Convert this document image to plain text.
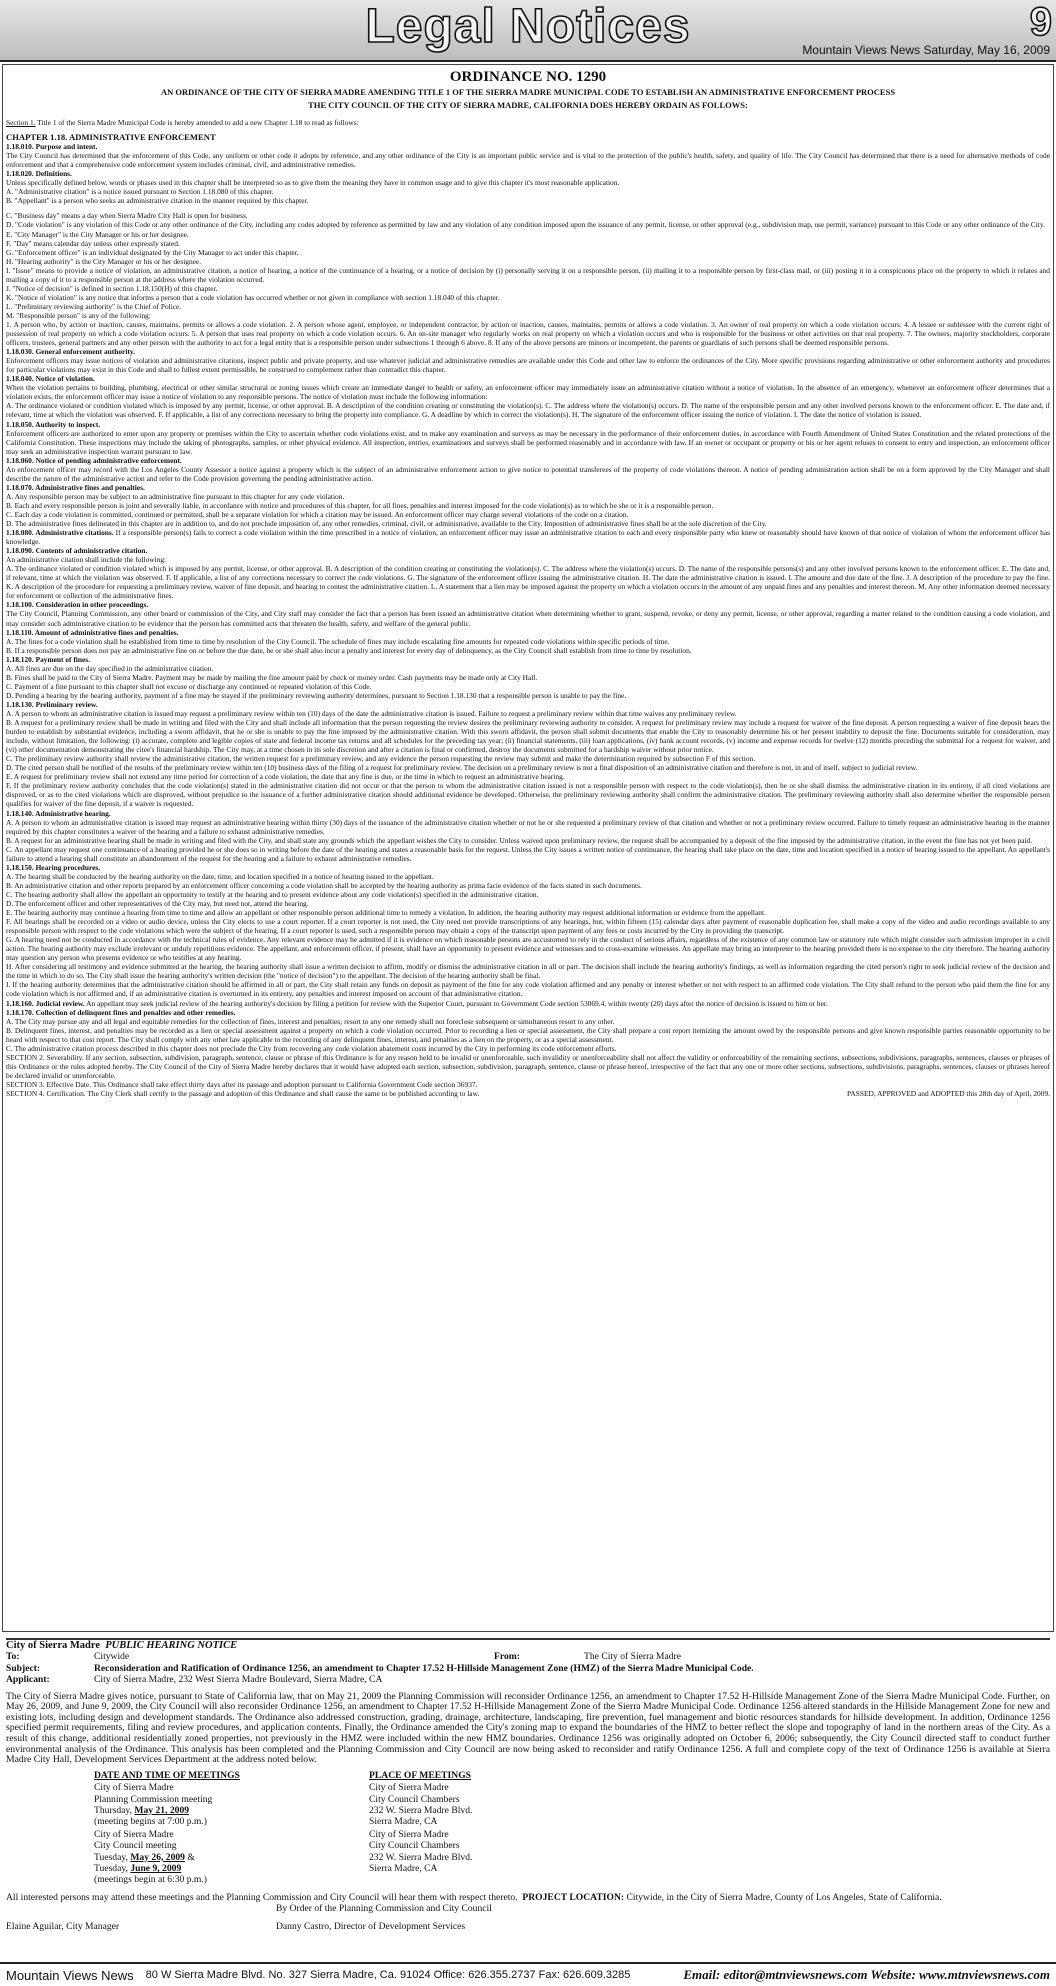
Legal Notices	9
Mountain Views News Saturday, May 16, 2009
ORDINANCE NO. 1290
AN ORDINANCE OF THE CITY OF SIERRA MADRE AMENDING TITLE 1 OF THE SIERRA MADRE MUNICIPAL CODE TO ESTABLISH AN ADMINISTRATIVE ENFORCEMENT PROCESS
THE CITY COUNCIL OF THE CITY OF SIERRA MADRE, CALIFORNIA DOES HEREBY ORDAIN AS FOLLOWS:

Section 1. Title 1 of the Sierra Madre Municipal Code is hereby amended to add a new Chapter 1.18 to read as follows:

CHAPTER 1.18. ADMINISTRATIVE ENFORCEMENT

1.18.010. Purpose and intent.

The City Council has determined that the enforcement of this Code, any uniform or other code it adopts by reference, and any other ordinance of the City is an important public service and is vital to the protection of the public's health, safety, and quality of life. The City Council has determined that there is a need for alternative methods of code enforcement and that a comprehensive code enforcement system includes criminal, civil, and administrative remedies.

1.18.020. Definitions.

Unless specifically defined below, words or phases used in this chapter shall be interpreted so as to give them the meaning they have in common usage and to give this chapter it's most reasonable application.

A. "Administrative citation" is a notice issued pursuant to Section 1.18.080 of this chapter.

B. "Appellant" is a person who seeks an administrative citation in the manner required by this chapter.

C. "Business day" means a day when Sierra Madre City Hall is open for business.

D. "Code violation" is any violation of this Code or any other ordinance of the City, including any codes adopted by reference as permitted by law and any violation of any condition imposed upon the issuance of any permit, license, or other approval (e.g., subdivision map, use permit, variance) pursuant to this Code or any other ordinance of the City.

E. "City Manager" is the City Manager or his or her designee.

F. "Day" means calendar day unless other expressly stated.

G. "Enforcement officer" is an individual designated by the City Manager to act under this chapter.

H. "Hearing authority" is the City Manager or his or her designee.

I. "Issue" means to provide a notice of violation, an administrative citation, a notice of hearing, a notice of the continuance of a hearing, or a notice of decision by (i) personally serving it on a responsible person, (ii) mailing it to a responsible person by first-class mail, or (iii) posting it in a conspicuous place on the property to which it relates and mailing a copy of it to a responsible person at the address where the violation occurred.

J. "Notice of decision" is defined in section 1.18.150(H) of this chapter.

K. "Notice of violation" is any notice that informs a person that a code violation has occurred whether or not given in compliance with section 1.18.040 of this chapter.

L. "Preliminary reviewing authority" is the Chief of Police.

M. "Responsible person" is any of the following:

1. A person who, by action or inaction, causes, maintains, permits or allows a code violation. 2. A person whose agent, employee, or independent contractor, by action or inaction, causes, maintains, permits or allows a code violation. 3. An owner of real property on which a code violation occurs. 4. A lessee or sublessee with the current right of possession of real property on which a code violation occurs. 5. A person that uses real property on which a code violation occurs. 6. An on-site manager who regularly works on real property on which a violation occurs and who is responsible for the business or other activities on that real property. 7. The owners, majority stockholders, corporate officers, trustees, general partners and any other person with the authority to act for a legal entity that is a responsible person under subsections 1 through 6 above. 8. If any of the above persons are minors or incompetent, the parents or guardians of such persons shall be deemed responsible persons.

1.18.030. General enforcement authority.

Enforcement officers may issue notices of violation and administrative citations, inspect public and private property, and use whatever judicial and administrative remedies are available under this Code and other law to enforce the ordinances of the City. More specific provisions regarding administrative or other enforcement authority and procedures for particular violations may exist in this Code and shall to fullest extent permissible, be construed to complement rather than contradict this chapter.

1.18.040. Notice of violation.

When the violation pertains to building, plumbing, electrical or other similar structural or zoning issues which create an immediate danger to health or safety, an enforcement officer may immediately issue an administrative citation without a notice of violation. In the absence of an emergency, whenever an enforcement officer determines that a violation exists, the enforcement officer may issue a notice of violation to any responsible persons. The notice of violation must include the following information:

A. The ordinance violated or condition violated which is imposed by any permit, license, or other approval. B. A description of the condition creating or constituting the violation(s). C. The address where the violation(s) occurs. D. The name of the responsible person and any other involved persons known to the enforcement officer. E. The date and, if relevant, time at which the violation was observed. F. If applicable, a list of any corrections necessary to bring the property into compliance. G. A deadline by which to correct the violation(s). H. The signature of the enforcement officer issuing the notice of violation. I. The date the notice of violation is issued.

1.18.050. Authority to inspect.

Enforcement officers are authorized to enter upon any property or premises within the City to ascertain whether code violations exist, and to make any examination and surveys as may be necessary in the performance of their enforcement duties, in accordance with Fourth Amendment of United States Constitution and the related protections of the California Constitution. These inspections may include the taking of photographs, samples, or other physical evidence. All inspection, entries, examinations and surveys shall be performed reasonably and in accordance with law. If an owner or occupant or property or his or her agent refuses to consent to entry and inspection, an enforcement officer may seek an administrative inspection warrant pursuant to law.

1.18.060. Notice of pending administrative enforcement.

An enforcement officer may record with the Los Angeles County Assessor a notice against a property which is the subject of an administrative enforcement action to give notice to potential transferees of the property of code violations thereon. A notice of pending administration action shall be on a form approved by the City Manager and shall describe the nature of the administrative action and refer to the Code provision governing the pending administrative action.

1.18.070. Administrative fines and penalties.

A. Any responsible person may be subject to an administrative fine pursuant to this chapter for any code violation.

B. Each and every responsible person is joint and severally liable, in accordance with notice and procedures of this chapter, for all fines, penalties and interest imposed for the code violation(s) as to which he she or it is a responsible person.

C. Each day a code violation is committed, continued or permitted, shall be a separate violation for which a citation may be issued. An enforcement officer may charge several violations of the code on a citation.

D. The administrative fines delineated in this chapter are in addition to, and do not preclude imposition of, any other remedies, criminal, civil, or administrative, available to the City. Imposition of administrative fines shall be at the sole discretion of the City.

1.18.080. Administrative citations. If a responsible person(s) fails to correct a code violation within the time prescribed in a notice of violation, an enforcement officer may issue an administrative citation to each and every responsible party who knew or reasonably should have known of that notice of violation of whom the enforcement officer has knowledge.

1.18.090. Contents of administrative citation.

An administrative citation shall include the following:

A. The ordinance violated or condition violated which is imposed by any permit, license, or other approval. B. A description of the condition creating or constituting the violation(s). C. The address where the violation(s) occurs. D. The name of the responsible persons(s) and any other involved persons known to the enforcement officer. E. The date and, if relevant, time at which the violation was observed. F. If applicable, a list of any corrections necessary to correct the code violations. G. The signature of the enforcement officer issuing the administrative citation. H. The date the administrative citation is issued. I. The amount and due date of the fine. J. A description of the procedure to pay the fine. K. A description of the procedure for requesting a preliminary review, waiver of fine deposit, and hearing to contest the administrative citation. L. A statement that a lien may be imposed against the property on which a violation occurs in the amount of any unpaid fines and any penalties and interest thereon. M. Any other information deemed necessary for enforcement or collection of the administrative fines.

1.18.100. Consideration in other proceedings.

The City Council, Planning Commission, any other board or commission of the City, and City staff may consider the fact that a person has been issued an administrative citation when determining whether to grant, suspend, revoke, or deny any permit, license, or other approval, regarding a matter related to the condition causing a code violation, and may consider such administrative citation to be evidence that the person has committed acts that threaten the health, safety, and welfare of the general public.

1.18.110. Amount of administrative fines and penalties.

A. The fines for a code violation shall be established from time to time by resolution of the City Council. The schedule of fines may include escalating fine amounts for repeated code violations within specific periods of time.

B. If a responsible person does not pay an administrative fine on or before the due date, he or she shall also incur a penalty and interest for every day of delinquency, as the City Council shall establish from time to time by resolution.

1.18.120. Payment of fines.

A. All fines are due on the day specified in the administrative citation.

B. Fines shall be paid to the City of Sierra Madre. Payment may be made by mailing the fine amount paid by check or money order. Cash payments may be made only at City Hall.

C. Payment of a fine pursuant to this chapter shall not excuse or discharge any continued or repeated violation of this Code.

D. Pending a hearing by the hearing authority, payment of a fine may be stayed if the preliminary reviewing authority determines, pursuant to Section 1.18.130 that a responsible person is unable to pay the fine.

1.18.130. Preliminary review.

A. A person to whom an administrative citation is issued may request a preliminary review within ten (10) days of the date the administrative citation is issued. Failure to request a preliminary review within that time waives any preliminary review.

B. A request for a preliminary review shall be made in writing and filed with the City and shall include all information that the person requesting the review desires the preliminary reviewing authority to consider. A request for preliminary review may include a request for waiver of the fine deposit. A person requesting a waiver of fine deposit bears the burden to establish by substantial evidence, including a sworn affidavit, that he or she is unable to pay the fine imposed by the administrative citation. With this sworn affidavit, the person shall submit documents that enable the City to reasonably determine his or her present inability to deposit the fine. Documents suitable for consideration, may include, without limitation, the following: (i) accurate, complete and legible copies of state and federal income tax returns and all schedules for the preceding tax year; (ii) financial statements, (iii) loan applications, (iv) bank account records, (v) income and expense records for twelve (12) months preceding the submittal for a request for waiver, and (vi) other documentation demonstrating the citee's financial hardship. The City may, at a time chosen in its sole discretion and after a citation is final or confirmed, destroy the documents submitted for a hardship waiver without prior notice.

C. The preliminary review authority shall review the administrative citation, the written request for a preliminary review, and any evidence the person requesting the review may submit and make the determination required by subsection F of this section.

D. The cited person shall be notified of the results of the preliminary review within ten (10) business days of the filing of a request for preliminary review. The decision on a preliminary review is not a final disposition of an administrative citation and therefore is not, in and of itself, subject to judicial review.

E. A request for preliminary review shall not extend any time period for correction of a code violation, the date that any fine is due, or the time in which to request an administrative hearing.

F. If the preliminary review authority concludes that the code violation(s) stated in the administrative citation did not occur or that the person to whom the administrative citation issued is not a responsible person with respect to the code violation(s), then he or she shall dismiss the administrative citation in its entirety, if all cited violations are disproved, or as to the cited violations which are disproved, without prejudice to the issuance of a further administrative citation should additional evidence be developed. Otherwise, the preliminary reviewing authority shall confirm the administrative citation. The preliminary reviewing authority shall also determine whether the responsible person qualifies for waiver of the fine deposit, if a waiver is requested.

1.18.140. Administrative hearing.

A. A person to whom an administrative citation is issued may request an administrative hearing within thirty (30) days of the issuance of the administrative citation whether or not he or she requested a preliminary review of that citation and whether or not a preliminary review occurred. Failure to timely request an administrative hearing in the manner required by this chapter constitutes a waiver of the hearing and a failure to exhaust administrative remedies.

B. A request for an administrative hearing shall be made in writing and filed with the City, and shall state any grounds which the appellant wishes the City to consider. Unless waived upon preliminary review, the request shall be accompanied by a deposit of the fine imposed by the administrative citation, in the event the fine has not yet been paid.

C. An appellant may request one continuance of a hearing provided he or she does so in writing before the date of the hearing and states a reasonable basis for the request. Unless the City issues a written notice of continuance, the hearing shall take place on the date, time and location specified in a notice of hearing issued to the appellant. An appellant's failure to attend a hearing shall constitute an abandonment of the request for the hearing and a failure to exhaust administrative remedies.

1.18.150. Hearing procedures.

A. The hearing shall be conducted by the hearing authority on the date, time, and location specified in a notice of hearing issued to the appellant.

B. An administrative citation and other reports prepared by an enforcement officer concerning a code violation shall be accepted by the hearing authority as prima facie evidence of the facts stated in such documents.

C. The hearing authority shall allow the appellant an opportunity to testify at the hearing and to present evidence about any code violation(s) specified in the administrative citation.

D. The enforcement officer and other representatives of the City may, but need not, attend the hearing.

E. The hearing authority may continue a hearing from time to time and allow an appellant or other responsible person additional time to remedy a violation. In addition, the hearing authority may request additional information or evidence from the appellant.

F. All hearings shall be recorded on a video or audio device, unless the City elects to use a court reporter. If a court reporter is not used, the City need not provide transcriptions of any hearings, but, within fifteen (15) calendar days after payment of reasonable duplication fee, shall make a copy of the video and audio recordings available to any responsible person with respect to the code violations which were the subject of the hearing. If a court reporter is used, such a responsible person may obtain a copy of the transcript upon payment of any fees or costs incurred by the City in providing the transcript.

G. A hearing need not be conducted in accordance with the technical rules of evidence. Any relevant evidence may be admitted if it is evidence on which reasonable persons are accustomed to rely in the conduct of serious affairs, regardless of the existence of any common law or statutory rule which might consider such admission improper in a civil action. The hearing authority may exclude irrelevant or unduly repetitious evidence. The appellant, and enforcement officer, if present, shall have an opportunity to present evidence and witnesses and to cross-examine witnesses. An appellate may bring an interpreter to the hearing provided there is no expense to the city therefore. The hearing authority may question any person who presents evidence or who testifies at any hearing.

H. After considering all testimony and evidence submitted at the hearing, the hearing authority shall issue a written decision to affirm, modify or dismiss the administrative citation in all or part. The decision shall include the hearing authority's findings, as well as information regarding the cited person's right to seek judicial review of the decision and the time in which to do so. The City shall issue the hearing authority's written decision (the "notice of decision") to the appellant. The decision of the hearing authority shall be final.

I. If the hearing authority determines that the administrative citation should be affirmed in all or part, the City shall retain any funds on deposit as payment of the fine for any code violation affirmed and any penalty or interest whether or not with respect to an affirmed code violation. The City shall refund to the person who paid them the fine for any code violation which is not affirmed and, if an administrative citation is overturned in its entirety, any penalties and interest imposed on account of that administrative citation.

1.18.160. Judicial review. An appellant may seek judicial review of the hearing authority's decision by filing a petition for review with the Superior Court, pursuant to Government Code section 53069.4, within twenty (20) days after the notice of decision is issued to him or her.

1.18.170. Collection of delinquent fines and penalties and other remedies.

A. The City may pursue any and all legal and equitable remedies for the collection of fines, interest and penalties; resort to any one remedy shall not foreclose subsequent or simultaneous resort to any other.

B. Delinquent fines, interest, and penalties may be recorded as a lien or special assessment against a property on which a code violation occurred. Prior to recording a lien or special assessment, the City shall prepare a cost report itemizing the amount owed by the responsible persons and give known responsible parties reasonable opportunity to be heard with respect to that cost report. The City shall comply with any other law applicable to the recording of any delinquent fines, interest, and penalties as a lien on the property, or as a special assessment.

C. The administrative citation process described in this chapter does not preclude the City from recovering any code violation abatement costs incurred by the City in performing its code enforcement efforts.

SECTION 2. Severability. If any section, subsection, subdivision, paragraph, sentence, clause or phrase of this Ordinance is for any reason held to be invalid or unenforceable, such invalidity or unenforceability shall not affect the validity or enforceability of the remaining sections, subsections, subdivisions, paragraphs, sentences, clauses or phrases of this Ordinance or the rules adopted hereby. The City Council of the City of Sierra Madre hereby declares that it would have adopted each section, subsection, subdivision, paragraph, sentence, clause or phrase hereof, irrespective of the fact that any one or more other sections, subsections, subdivisions, paragraphs, sentences, clauses or phrases hereof be declared invalid or unenforceable.

SECTION 3. Effective Date. This Ordinance shall take effect thirty days after its passage and adoption pursuant to California Government Code section 36937.

SECTION 4. Certification. The City Clerk shall certify to the passage and adoption of this Ordinance and shall cause the same to be published according to law.	PASSED, APPROVED and ADOPTED this 28th day of April, 2009.

City of Sierra Madre PUBLIC HEARING NOTICE
To:	Citywide	From:	The City of Sierra Madre
Subject:	Reconsideration and Ratification of Ordinance 1256, an amendment to Chapter 17.52 H-Hillside Management Zone (HMZ) of the Sierra Madre Municipal Code.
Applicant:	City of Sierra Madre, 232 West Sierra Madre Boulevard, Sierra Madre, CA

The City of Sierra Madre gives notice, pursuant to State of California law, that on May 21, 2009 the Planning Commission will reconsider Ordinance 1256, an amendment to Chapter 17.52 H-Hillside Management Zone of the Sierra Madre Municipal Code. Further, on May 26, 2009, and June 9, 2009, the City Council will also reconsider Ordinance 1256, an amendment to Chapter 17.52 H-Hillside Management Zone of the Sierra Madre Municipal Code. Ordinance 1256 altered standards in the Hillside Management Zone for new and existing lots, including design and development standards. The Ordinance also addressed construction, grading, drainage, architecture, landscaping, fire prevention, fuel management and biotic resources standards for hillside development. In addition, Ordinance 1256 specified permit requirements, filing and review procedures, and application contents. Finally, the Ordinance amended the City's zoning map to expand the boundaries of the HMZ to better reflect the slope and topography of land in the northern areas of the City. As a result of this change, additional residentially zoned properties, not previously in the HMZ were included within the new HMZ boundaries. Ordinance 1256 was originally adopted on October 6, 2006; subsequently, the City Council directed staff to conduct further environmental analysis of the Ordinance. This analysis has been completed and the Planning Commission and City Council are now being asked to reconsider and ratify Ordinance 1256. A full and complete copy of the text of Ordinance 1256 is available at Sierra Madre City Hall, Development Services Department at the address noted below.

DATE AND TIME OF MEETINGS
City of Sierra Madre
Planning Commission meeting
Thursday, May 21, 2009
(meeting begins at 7:00 p.m.)
City of Sierra Madre
City Council meeting
Tuesday, May 26, 2009 &
Tuesday, June 9, 2009
(meetings begin at 6:30 p.m.)
PLACE OF MEETINGS
City of Sierra Madre
City Council Chambers
232 W. Sierra Madre Blvd.
Sierra Madre, CA
City of Sierra Madre
City Council Chambers
232 W. Sierra Madre Blvd.
Sierra Madre, CA

All interested persons may attend these meetings and the Planning Commission and City Council will hear them with respect thereto. PROJECT LOCATION: Citywide, in the City of Sierra Madre, County of Los Angeles, State of California.

By Order of the Planning Commission and City Council
Elaine Aguilar, City Manager	Danny Castro, Director of Development Services
Mountain Views News 80 W Sierra Madre Blvd. No. 327 Sierra Madre, Ca. 91024 Office: 626.355.2737 Fax: 626.609.3285	Email: editor@mtnviewsnews.com Website: www.mtnviewsnews.com
